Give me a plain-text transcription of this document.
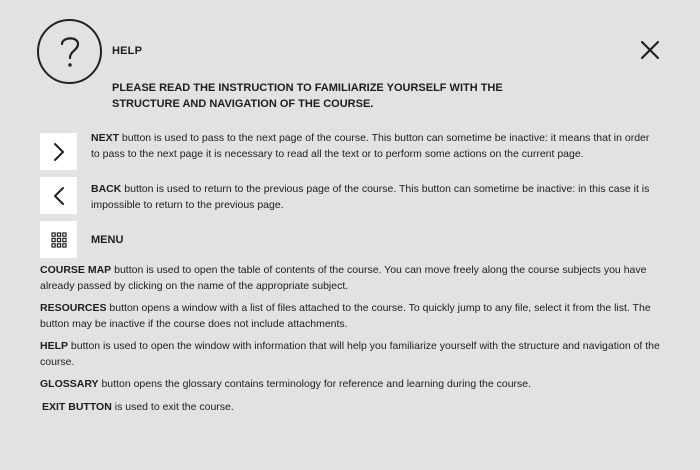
HELP
PLEASE READ THE INSTRUCTION TO FAMILIARIZE YOURSELF WITH THE STRUCTURE AND NAVIGATION OF THE COURSE.
NEXT button is used to pass to the next page of the course. This button can sometime be inactive: it means that in order to pass to the next page it is necessary to read all the text or to perform some actions on the current page.
BACK button is used to return to the previous page of the course. This button can sometime be inactive: in this case it is impossible to return to the previous page.
MENU
COURSE MAP button is used to open the table of contents of the course. You can move freely along the course subjects you have already passed by clicking on the name of the appropriate subject.
RESOURCES button opens a window with a list of files attached to the course. To quickly jump to any file, select it from the list. The button may be inactive if the course does not include attachments.
HELP button is used to open the window with information that will help you familiarize yourself with the structure and navigation of the course.
GLOSSARY button opens the glossary contains terminology for reference and learning during the course.
EXIT BUTTON is used to exit the course.
